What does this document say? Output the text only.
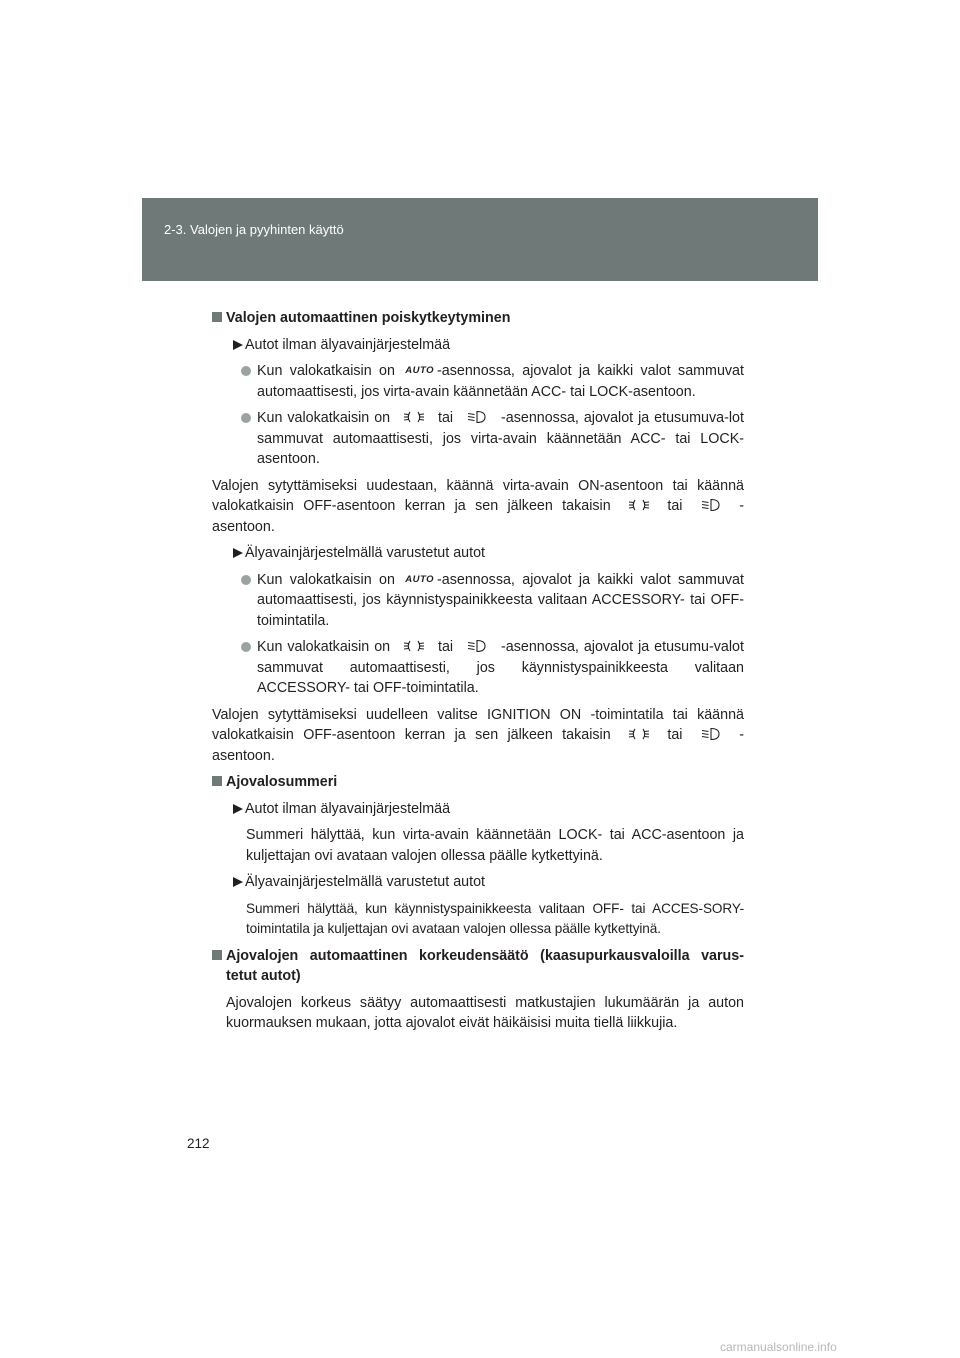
2-3. Valojen ja pyyhinten käyttö
Valojen automaattinen poiskytkeytyminen
Autot ilman älyavainjärjestelmää
Kun valokatkaisin on AUTO -asennossa, ajovalot ja kaikki valot sammuvat automaattisesti, jos virta-avain käännetään ACC- tai LOCK-asentoon.
Kun valokatkaisin on	tai	-asennossa, ajovalot ja etusumuva-lot sammuvat automaattisesti, jos virta-avain käännetään ACC- tai LOCK-asentoon.
Valojen sytyttämiseksi uudestaan, käännä virta-avain ON-asentoon tai käännä valokatkaisin OFF-asentoon kerran ja sen jälkeen takaisin	tai	-asentoon.
Älyavainjärjestelmällä varustetut autot
Kun valokatkaisin on AUTO -asennossa, ajovalot ja kaikki valot sammuvat automaattisesti, jos käynnistyspainikkeesta valitaan ACCESSORY- tai OFF-toimintatila.
Kun valokatkaisin on	tai	-asennossa, ajovalot ja etusumu-valot sammuvat automaattisesti, jos käynnistyspainikkeesta valitaan ACCESSORY- tai OFF-toimintatila.
Valojen sytyttämiseksi uudelleen valitse IGNITION ON -toimintatila tai käännä valokatkaisin OFF-asentoon kerran ja sen jälkeen takaisin	tai	-asentoon.
Ajovalosummeri
Autot ilman älyavainjärjestelmää
Summeri hälyttää, kun virta-avain käännetään LOCK- tai ACC-asentoon ja kuljettajan ovi avataan valojen ollessa päälle kytkettyinä.
Älyavainjärjestelmällä varustetut autot
Summeri hälyttää, kun käynnistyspainikkeesta valitaan OFF- tai ACCES-SORY-toimintatila ja kuljettajan ovi avataan valojen ollessa päälle kytkettyinä.
Ajovalojen automaattinen korkeudensäätö (kaasupurkausvaloilla varus-tetut autot)
Ajovalojen korkeus säätyy automaattisesti matkustajien lukumäärän ja auton kuormauksen mukaan, jotta ajovalot eivät häikäisisi muita tiellä liikkujia.
212
carmanualsonline.info
